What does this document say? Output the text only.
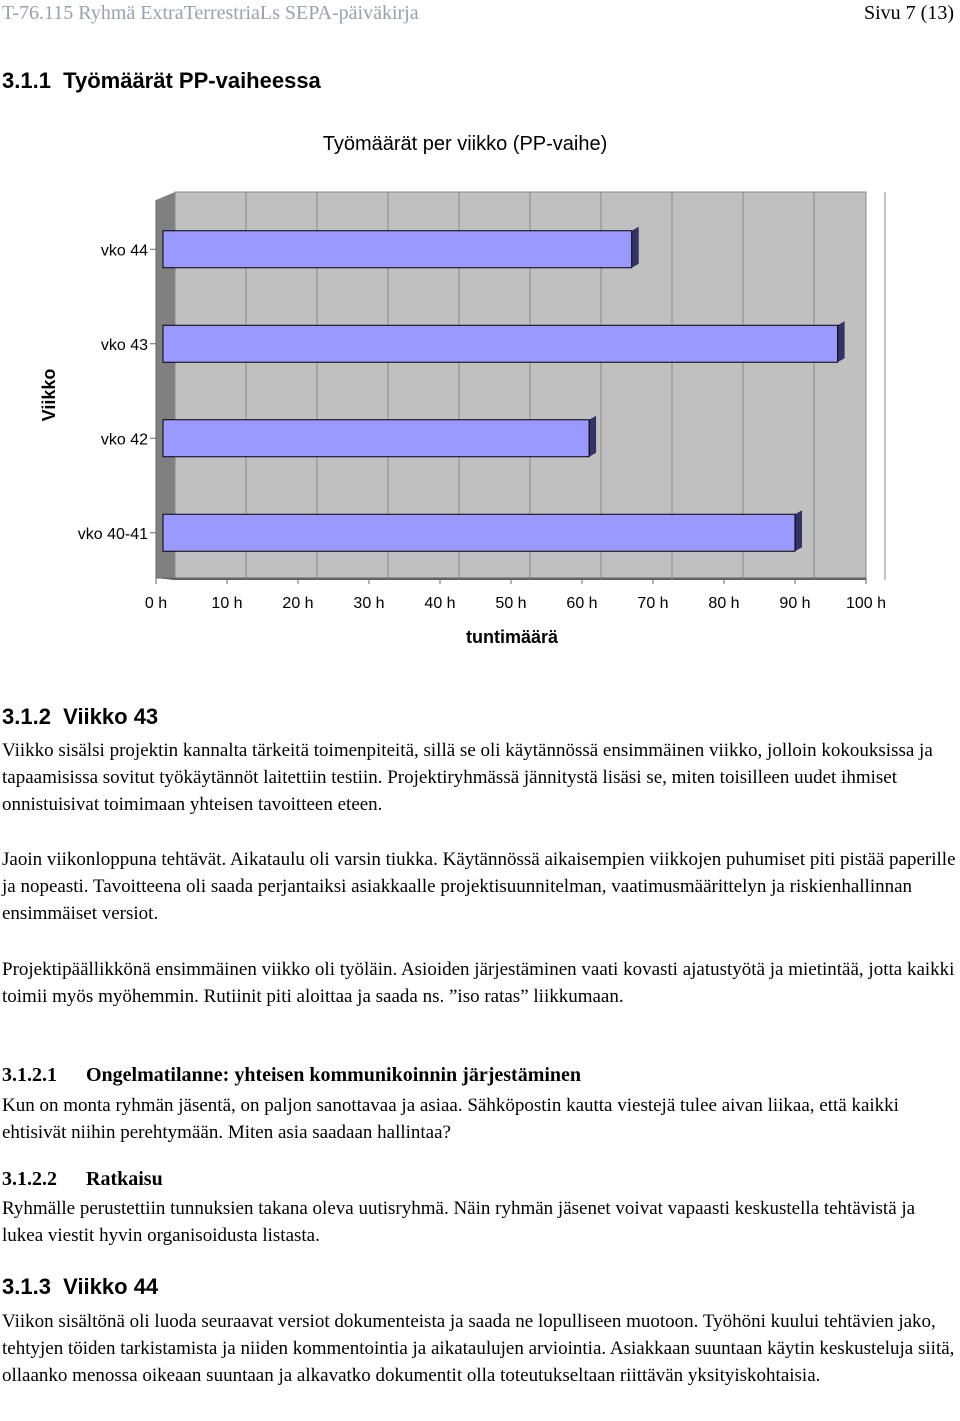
T-76.115 Ryhmä ExtraTerrestriaLs SEPA-päiväkirja	Sivu 7 (13)
3.1.1 Työmäärät PP-vaiheessa
Työmäärät per viikko (PP-vaihe)
vko 44
vko 43
vko 42
vko 40-41
0 h	10 h 20 h 30 h 40 h 50 h 60 h 70 h 80 h 90 h 100 h
Viikko
tuntimäärä
3.1.2 Viikko 43

Viikko sisälsi projektin kannalta tärkeitä toimenpiteitä, sillä se oli käytännössä ensimmäinen viikko, jolloin kokouksissa ja tapaamisissa sovitut työkäytännöt laitettiin testiin. Projektiryhmässä jännitystä lisäsi se, miten toisilleen uudet ihmiset onnistuisivat toimimaan yhteisen tavoitteen eteen.

Jaoin viikonloppuna tehtävät. Aikataulu oli varsin tiukka. Käytännössä aikaisempien viikkojen puhumiset piti pistää paperille ja nopeasti. Tavoitteena oli saada perjantaiksi asiakkaalle projektisuunnitelman, vaatimusmäärittelyn ja riskienhallinnan ensimmäiset versiot.

Projektipäällikkönä ensimmäinen viikko oli työläin. Asioiden järjestäminen vaati kovasti ajatustyötä ja mietintää, jotta kaikki toimii myös myöhemmin. Rutiinit piti aloittaa ja saada ns. ”iso ratas” liikkumaan.

3.1.2.1 Ongelmatilanne: yhteisen kommunikoinnin järjestäminen

Kun on monta ryhmän jäsentä, on paljon sanottavaa ja asiaa. Sähköpostin kautta viestejä tulee aivan liikaa, että kaikki ehtisivät niihin perehtymään. Miten asia saadaan hallintaa?

3.1.2.2 Ratkaisu

Ryhmälle perustettiin tunnuksien takana oleva uutisryhmä. Näin ryhmän jäsenet voivat vapaasti keskustella tehtävistä ja lukea viestit hyvin organisoidusta listasta.

3.1.3 Viikko 44

Viikon sisältönä oli luoda seuraavat versiot dokumenteista ja saada ne lopulliseen muotoon. Työhöni kuului tehtävien jako, tehtyjen töiden tarkistamista ja niiden kommentointia ja aikataulujen arviointia. Asiakkaan suuntaan käytin keskusteluja siitä, ollaanko menossa oikeaan suuntaan ja alkavatko dokumentit olla toteutukseltaan riittävän yksityiskohtaisia.
